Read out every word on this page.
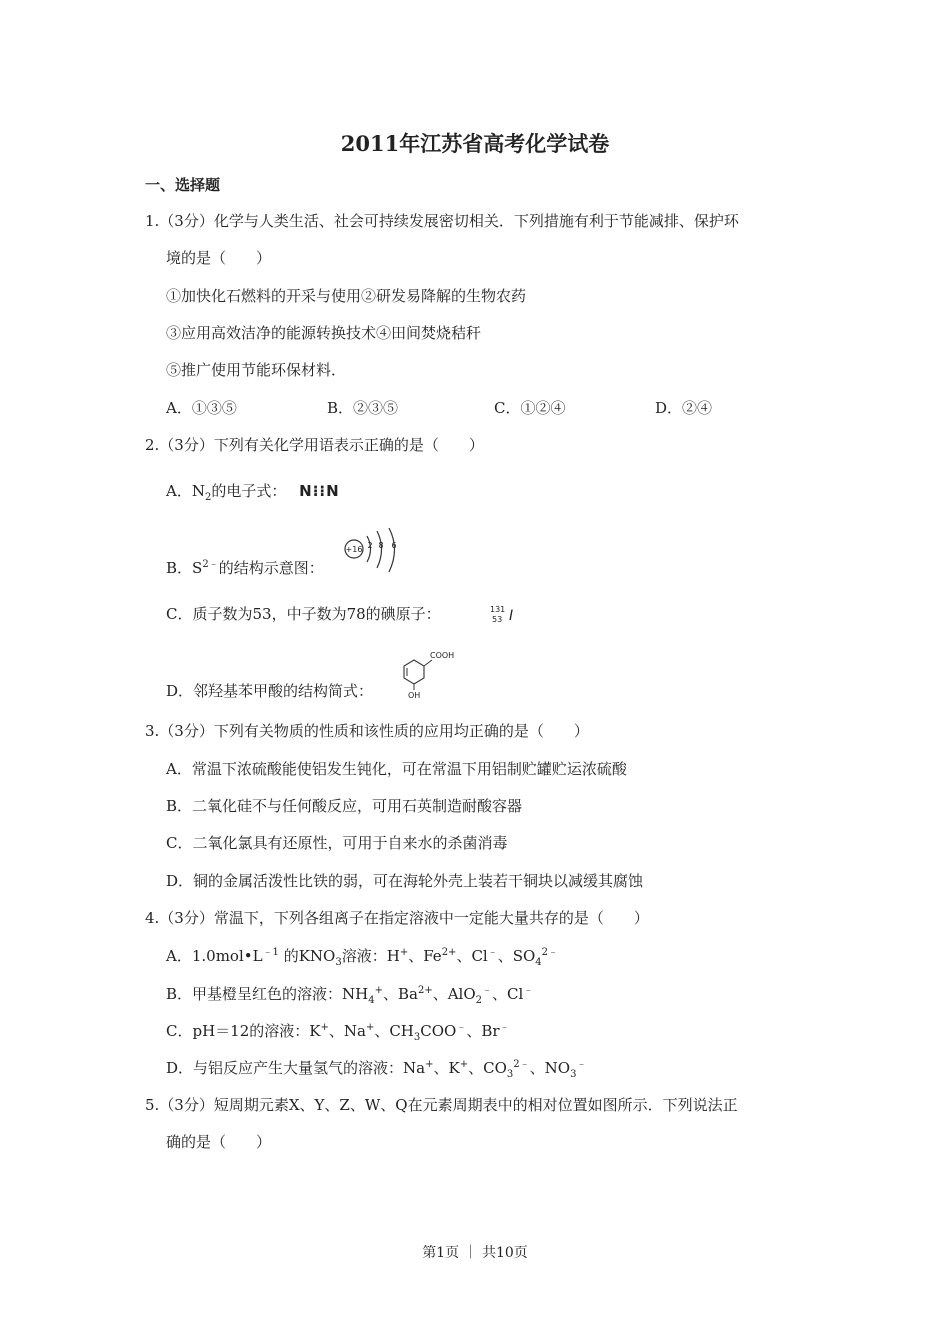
2011年江苏省高考化学试卷
一、选择题
1.（3分）化学与人类生活、社会可持续发展密切相关．下列措施有利于节能减排、保护环
境的是（　　）
①加快化石燃料的开采与使用②研发易降解的生物农药
③应用高效洁净的能源转换技术④田间焚烧秸秆
⑤推广使用节能环保材料．
A．①③⑤	B．②③⑤	C．①②④	D．②④
2.（3分）下列有关化学用语表示正确的是（　　）
A．$N_2$的电子式： N⁝⁝N
B．$S^{2﹣}$的结构示意图：
+16 2 8 6
C．质子数为53，中子数为78的碘原子：	131
53 I
D．邻羟基苯甲酸的结构简式：
COOH
OH
3.（3分）下列有关物质的性质和该性质的应用均正确的是（　　）
A．常温下浓硫酸能使铝发生钝化，可在常温下用铝制贮罐贮运浓硫酸
B．二氧化硅不与任何酸反应，可用石英制造耐酸容器
C．二氧化氯具有还原性，可用于自来水的杀菌消毒
D．铜的金属活泼性比铁的弱，可在海轮外壳上装若干铜块以减缓其腐蚀
4.（3分）常温下，下列各组离子在指定溶液中一定能大量共存的是（　　）
A．$1.0mol•L^{﹣1}$ 的$KNO_3$溶液：H+、$Fe^{2+}$、Cl﹣、$SO_4^{2﹣}$
B．甲基橙呈红色的溶液：$NH_4^+$、$Ba^{2+}$、AlO$_2$﹣、Cl﹣
C．pH＝12的溶液：K+、Na+、$CH_3COO^﹣$、Br﹣
D．与铝反应产生大量氢气的溶液：Na+、K+、$CO_3^{2﹣}$、$NO_3^﹣$
5.（3分）短周期元素X、Y、Z、W、Q在元素周期表中的相对位置如图所示．下列说法正
确的是（　　）
第1页 ｜ 共10页
